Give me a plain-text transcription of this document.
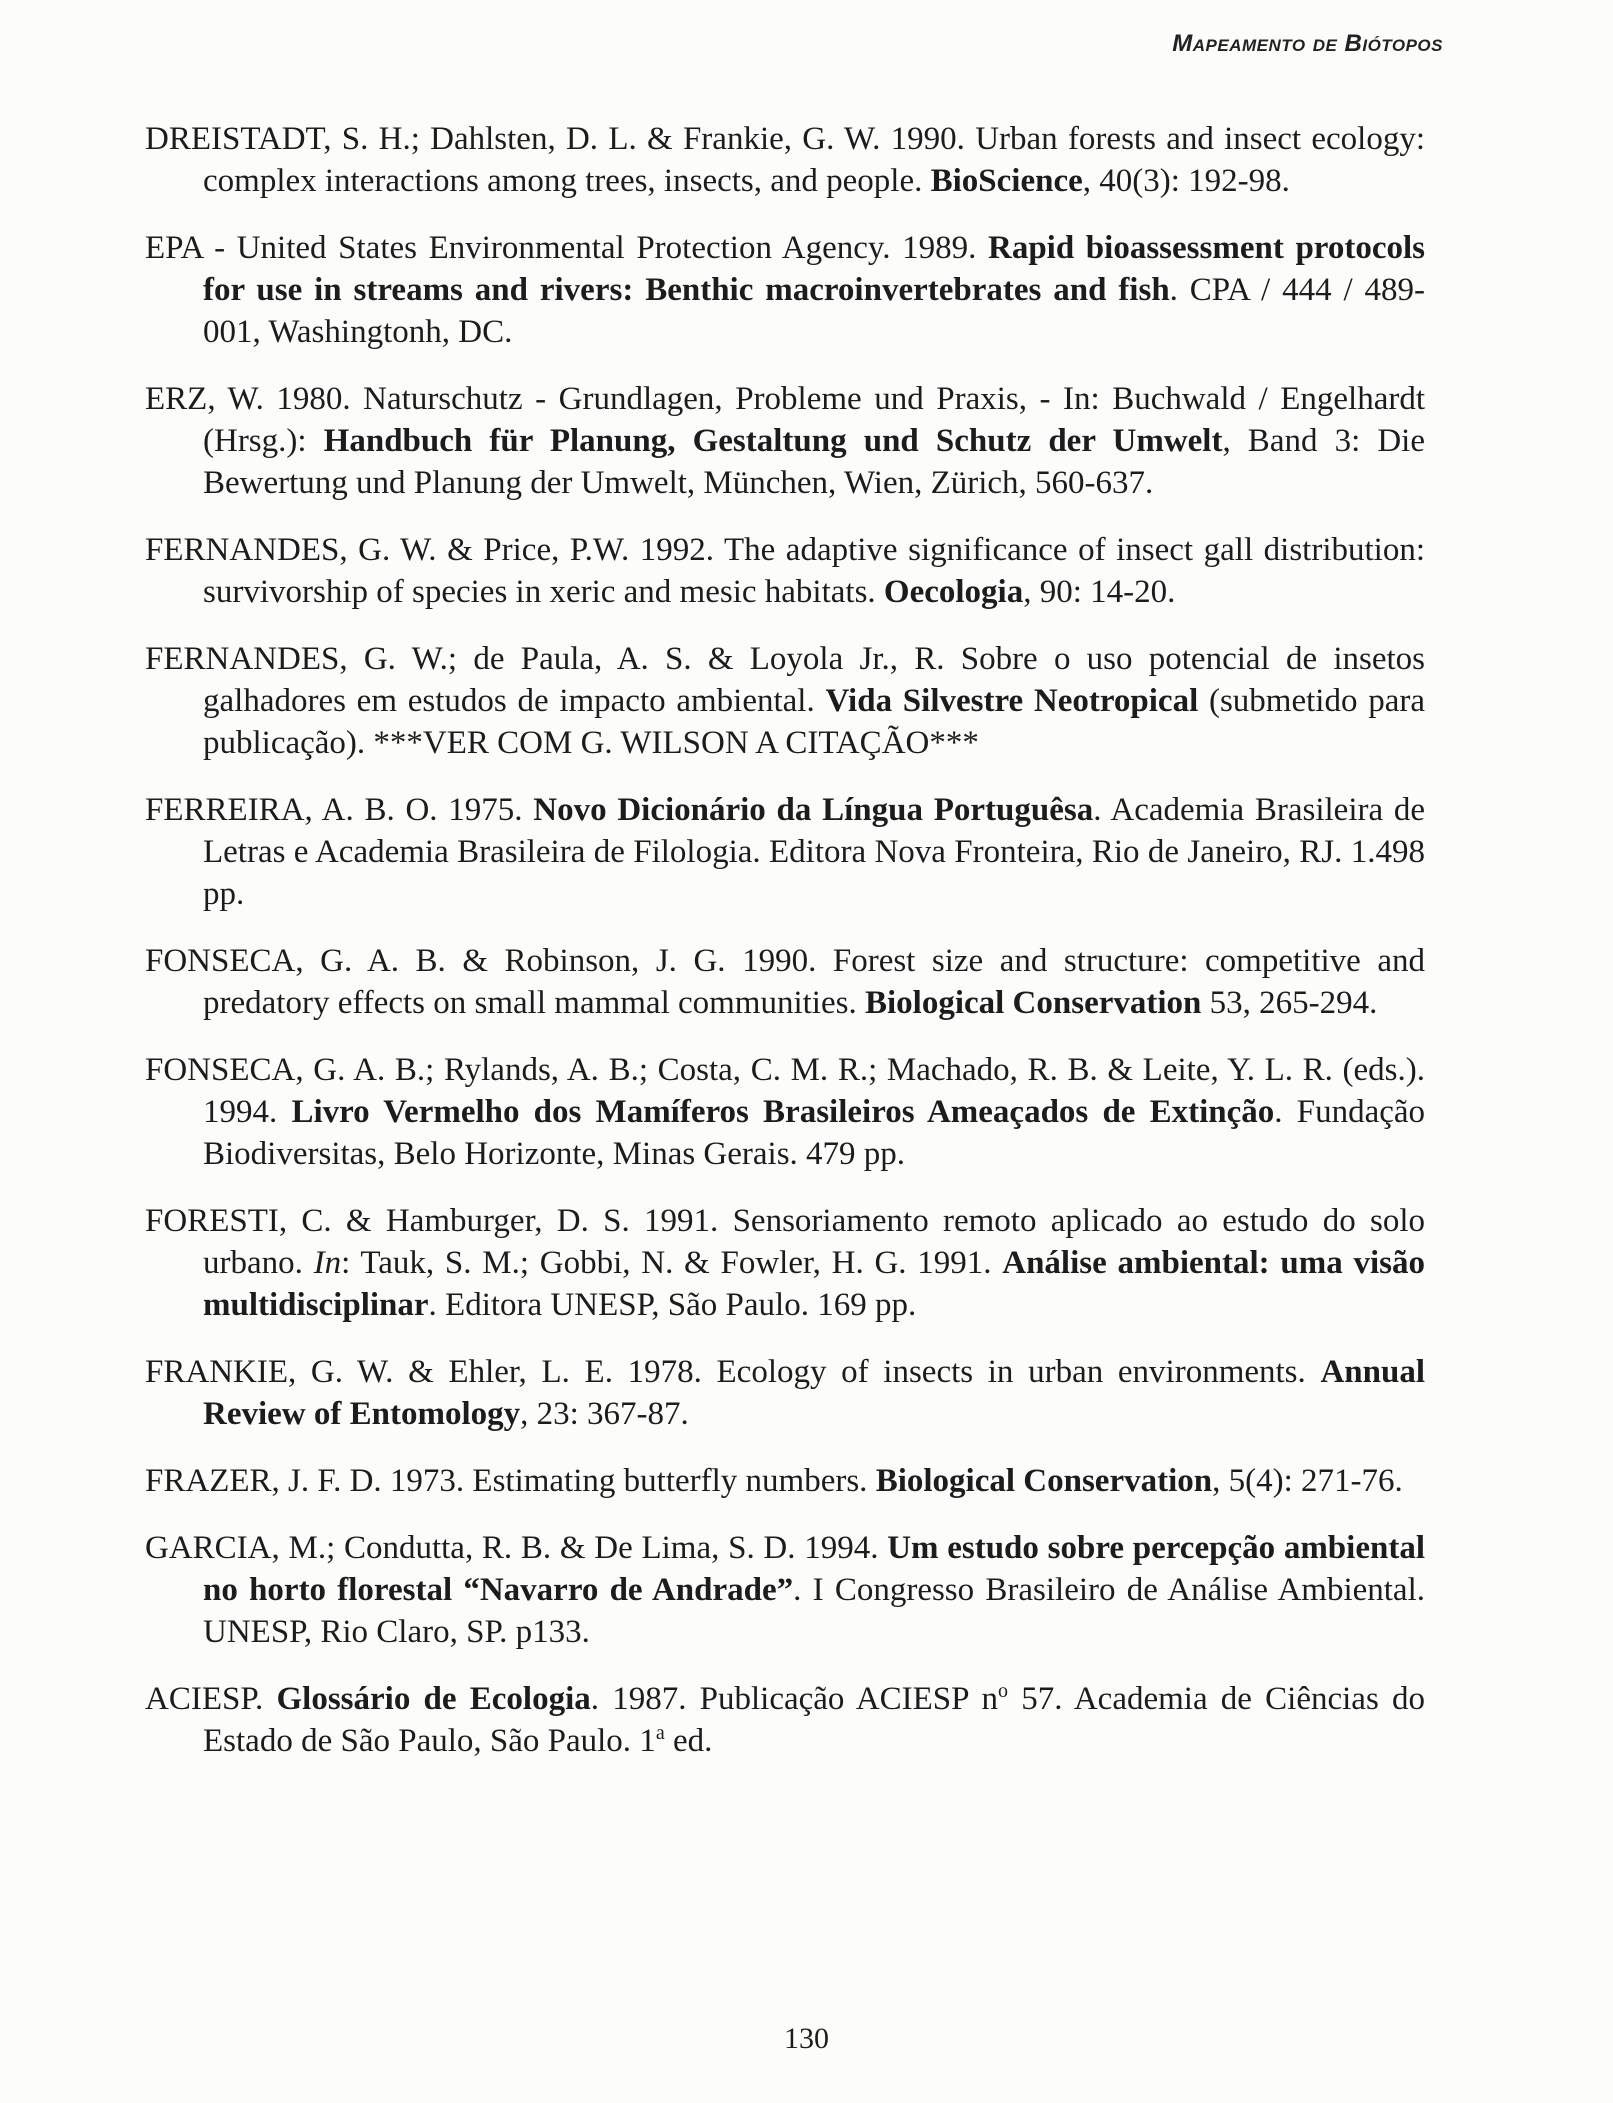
Mapeamento de Biótopos
DREISTADT, S. H.; Dahlsten, D. L. & Frankie, G. W. 1990. Urban forests and insect ecology: complex interactions among trees, insects, and people. BioScience, 40(3): 192-98.
EPA - United States Environmental Protection Agency. 1989. Rapid bioassessment protocols for use in streams and rivers: Benthic macroinvertebrates and fish. CPA / 444 / 489-001, Washingtonh, DC.
ERZ, W. 1980. Naturschutz - Grundlagen, Probleme und Praxis, - In: Buchwald / Engelhardt (Hrsg.): Handbuch für Planung, Gestaltung und Schutz der Umwelt, Band 3: Die Bewertung und Planung der Umwelt, München, Wien, Zürich, 560-637.
FERNANDES, G. W. & Price, P.W. 1992. The adaptive significance of insect gall distribution: survivorship of species in xeric and mesic habitats. Oecologia, 90: 14-20.
FERNANDES, G. W.; de Paula, A. S. & Loyola Jr., R. Sobre o uso potencial de insetos galhadores em estudos de impacto ambiental. Vida Silvestre Neotropical (submetido para publicação). ***VER COM G. WILSON A CITAÇÃO***
FERREIRA, A. B. O. 1975. Novo Dicionário da Língua Portuguêsa. Academia Brasileira de Letras e Academia Brasileira de Filologia. Editora Nova Fronteira, Rio de Janeiro, RJ. 1.498 pp.
FONSECA, G. A. B. & Robinson, J. G. 1990. Forest size and structure: competitive and predatory effects on small mammal communities. Biological Conservation 53, 265-294.
FONSECA, G. A. B.; Rylands, A. B.; Costa, C. M. R.; Machado, R. B. & Leite, Y. L. R. (eds.). 1994. Livro Vermelho dos Mamíferos Brasileiros Ameaçados de Extinção. Fundação Biodiversitas, Belo Horizonte, Minas Gerais. 479 pp.
FORESTI, C. & Hamburger, D. S. 1991. Sensoriamento remoto aplicado ao estudo do solo urbano. In: Tauk, S. M.; Gobbi, N. & Fowler, H. G. 1991. Análise ambiental: uma visão multidisciplinar. Editora UNESP, São Paulo. 169 pp.
FRANKIE, G. W. & Ehler, L. E. 1978. Ecology of insects in urban environments. Annual Review of Entomology, 23: 367-87.
FRAZER, J. F. D. 1973. Estimating butterfly numbers. Biological Conservation, 5(4): 271-76.
GARCIA, M.; Condutta, R. B. & De Lima, S. D. 1994. Um estudo sobre percepção ambiental no horto florestal “Navarro de Andrade”. I Congresso Brasileiro de Análise Ambiental. UNESP, Rio Claro, SP. p133.
ACIESP. Glossário de Ecologia. 1987. Publicação ACIESP $n^o$ 57. Academia de Ciências do Estado de São Paulo, São Paulo. 1$^a$ ed.
130
